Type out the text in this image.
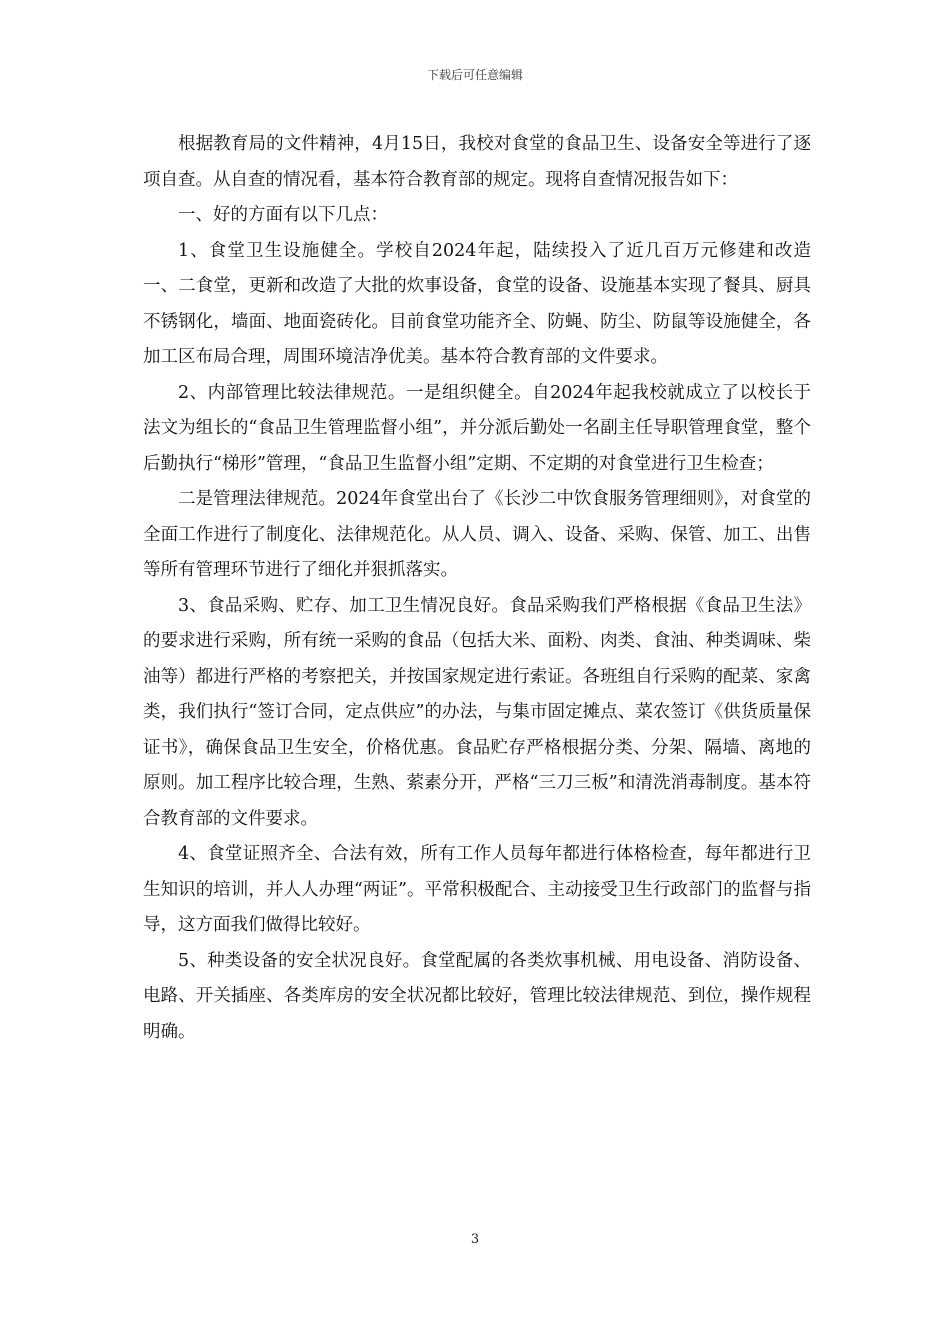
下载后可任意编辑

根据教育局的文件精神，4月15日，我校对食堂的食品卫生、设备安全等进行了逐项自查。从自查的情况看，基本符合教育部的规定。现将自查情况报告如下：

一、好的方面有以下几点：

1、食堂卫生设施健全。学校自2024年起，陆续投入了近几百万元修建和改造一、二食堂，更新和改造了大批的炊事设备，食堂的设备、设施基本实现了餐具、厨具不锈钢化，墙面、地面瓷砖化。目前食堂功能齐全、防蝇、防尘、防鼠等设施健全，各加工区布局合理，周围环境洁净优美。基本符合教育部的文件要求。

2、内部管理比较法律规范。一是组织健全。自2024年起我校就成立了以校长于法文为组长的“食品卫生管理监督小组”，并分派后勤处一名副主任导职管理食堂，整个后勤执行“梯形”管理，“食品卫生监督小组”定期、不定期的对食堂进行卫生检查；

二是管理法律规范。2024年食堂出台了《长沙二中饮食服务管理细则》，对食堂的全面工作进行了制度化、法律规范化。从人员、调入、设备、采购、保管、加工、出售等所有管理环节进行了细化并狠抓落实。

3、食品采购、贮存、加工卫生情况良好。食品采购我们严格根据《食品卫生法》的要求进行采购，所有统一采购的食品（包括大米、面粉、肉类、食油、种类调味、柴油等）都进行严格的考察把关，并按国家规定进行索证。各班组自行采购的配菜、家禽类，我们执行“签订合同，定点供应”的办法，与集市固定摊点、菜农签订《供货质量保证书》，确保食品卫生安全，价格优惠。食品贮存严格根据分类、分架、隔墙、离地的原则。加工程序比较合理，生熟、萦素分开，严格“三刀三板”和清洗消毒制度。基本符合教育部的文件要求。

4、食堂证照齐全、合法有效，所有工作人员每年都进行体格检查，每年都进行卫生知识的培训，并人人办理“两证”。平常积极配合、主动接受卫生行政部门的监督与指导，这方面我们做得比较好。

5、种类设备的安全状况良好。食堂配属的各类炊事机械、用电设备、消防设备、电路、开关插座、各类库房的安全状况都比较好，管理比较法律规范、到位，操作规程明确。

3
